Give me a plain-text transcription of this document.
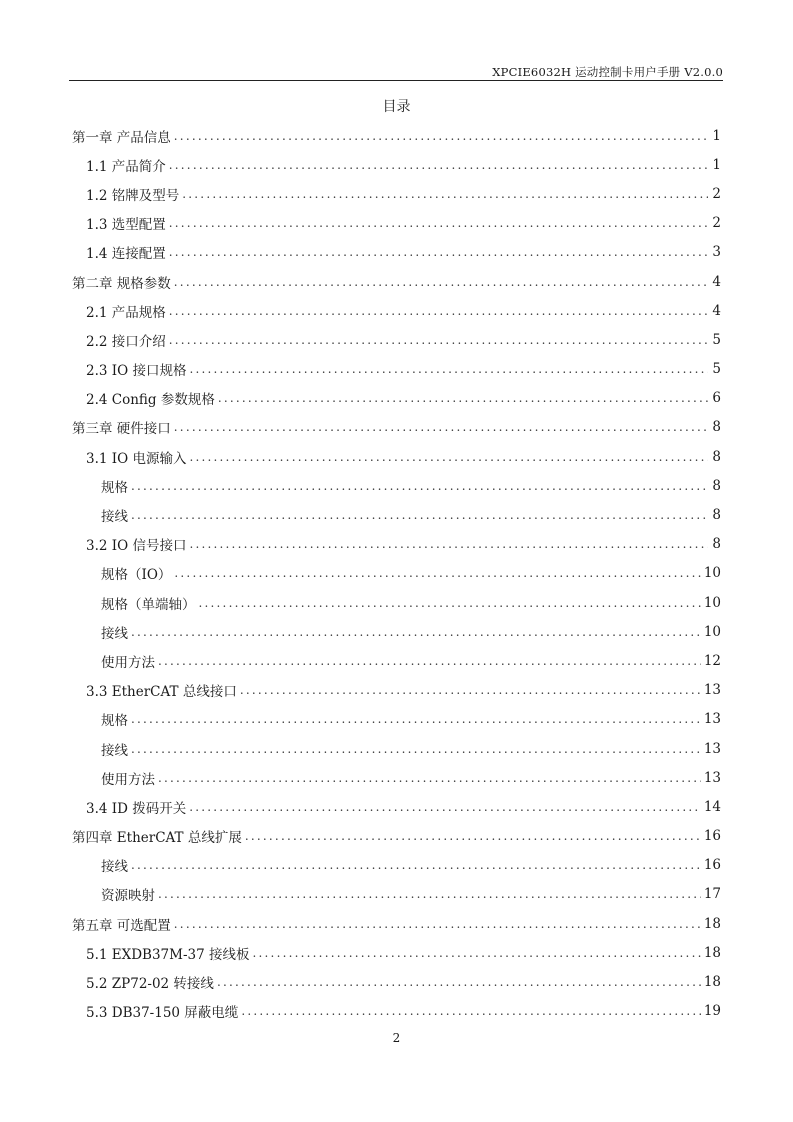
XPCIE6032H 运动控制卡用户手册 V2.0.0
目录
第一章 产品信息 .....	1
1.1 产品简介 .....	1
1.2 铭牌及型号 .....	2
1.3 选型配置 .....	2
1.4 连接配置 .....	3
第二章 规格参数 .....	4
2.1 产品规格 .....	4
2.2 接口介绍 .....	5
2.3 IO 接口规格 .....	5
2.4 Config 参数规格 .....	6
第三章 硬件接口 .....	8
3.1 IO 电源输入 .....	8
规格 .....	8
接线 .....	8
3.2 IO 信号接口 .....	8
规格（IO） .....	10
规格（单端轴） .....	10
接线 .....	10
使用方法 .....	12
3.3 EtherCAT 总线接口 .....	13
规格 .....	13
接线 .....	13
使用方法 .....	13
3.4 ID 拨码开关 .....	14
第四章 EtherCAT 总线扩展 .....	16
接线 .....	16
资源映射 .....	17
第五章 可选配置 .....	18
5.1 EXDB37M-37 接线板 .....	18
5.2 ZP72-02 转接线 .....	18
5.3 DB37-150 屏蔽电缆 .....	19
2
